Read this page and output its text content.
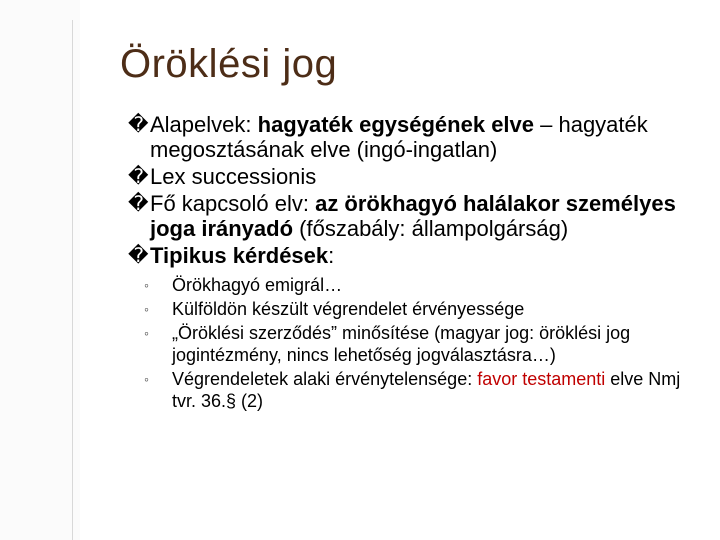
Öröklési jog
� Alapelvek: hagyaték egységének elve – hagyaték megosztásának elve (ingó-ingatlan)
� Lex successionis
� Fő kapcsoló elv: az örökhagyó halálakor személyes joga irányadó (főszabály: állampolgárság)
� Tipikus kérdések:
◦ Örökhagyó emigrál…
◦ Külföldön készült végrendelet érvényessége
◦ „Öröklési szerződés” minősítése (magyar jog: öröklési jog jogintézmény, nincs lehetőség jogválasztásra…)
◦ Végrendeletek alaki érvénytelensége: favor testamenti elve Nmj tvr. 36.§ (2)
